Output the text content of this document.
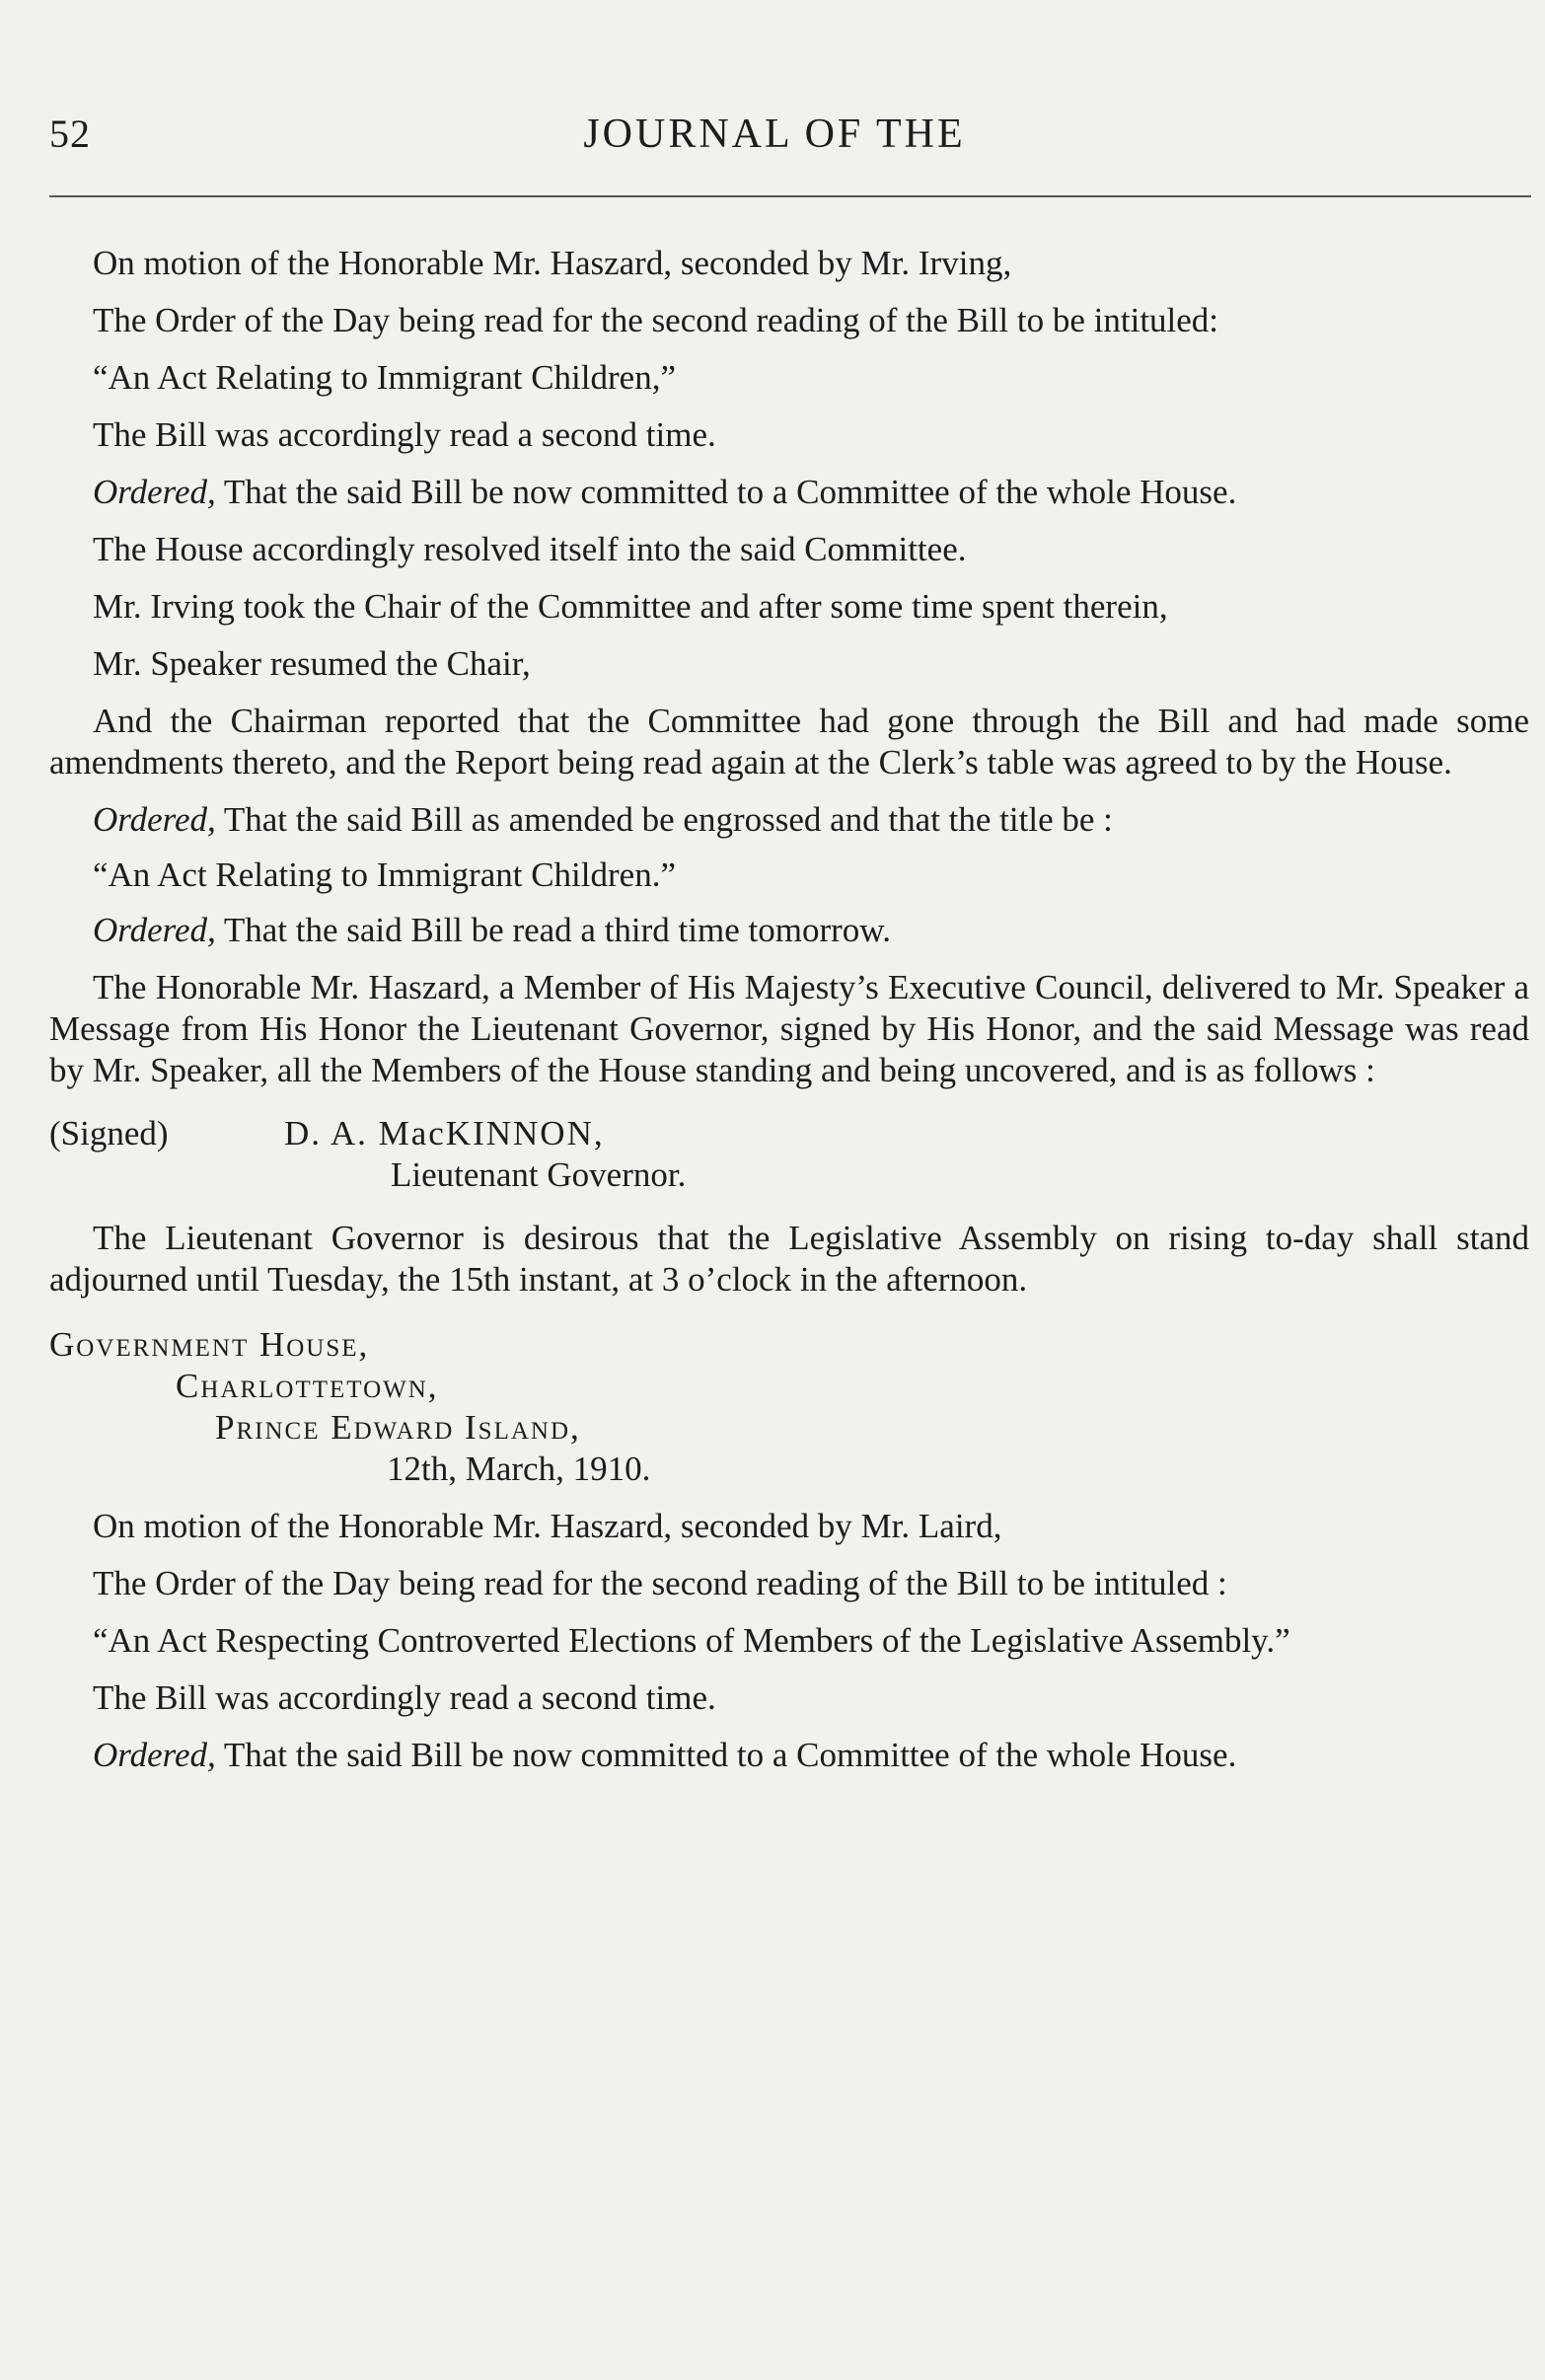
52	JOURNAL OF THE

On motion of the Honorable Mr. Haszard, seconded by Mr. Irving,

The Order of the Day being read for the second reading of the Bill to be intituled:

“An Act Relating to Immigrant Children,”

The Bill was accordingly read a second time.

Ordered, That the said Bill be now committed to a Committee of the whole House.

The House accordingly resolved itself into the said Committee.

Mr. Irving took the Chair of the Committee and after some time spent therein,

Mr. Speaker resumed the Chair,

And the Chairman reported that the Committee had gone through the Bill and had made some amendments thereto, and the Report being read again at the Clerk’s table was agreed to by the House.

Ordered, That the said Bill as amended be engrossed and that the title be :

“An Act Relating to Immigrant Children.”

Ordered, That the said Bill be read a third time tomorrow.

The Honorable Mr. Haszard, a Member of His Majesty’s Executive Council, delivered to Mr. Speaker a Message from His Honor the Lieutenant Governor, signed by His Honor, and the said Message was read by Mr. Speaker, all the Members of the House standing and being uncovered, and is as follows :

(Signed)	D. A. MacKINNON,
Lieutenant Governor.

The Lieutenant Governor is desirous that the Legislative Assembly on rising to-day shall stand adjourned until Tuesday, the 15th instant, at 3 o’clock in the afternoon.

Government House,
Charlottetown,
Prince Edward Island,
12th, March, 1910.

On motion of the Honorable Mr. Haszard, seconded by Mr. Laird,

The Order of the Day being read for the second reading of the Bill to be intituled :

“An Act Respecting Controverted Elections of Members of the Legislative Assembly.”

The Bill was accordingly read a second time.

Ordered, That the said Bill be now committed to a Committee of the whole House.
